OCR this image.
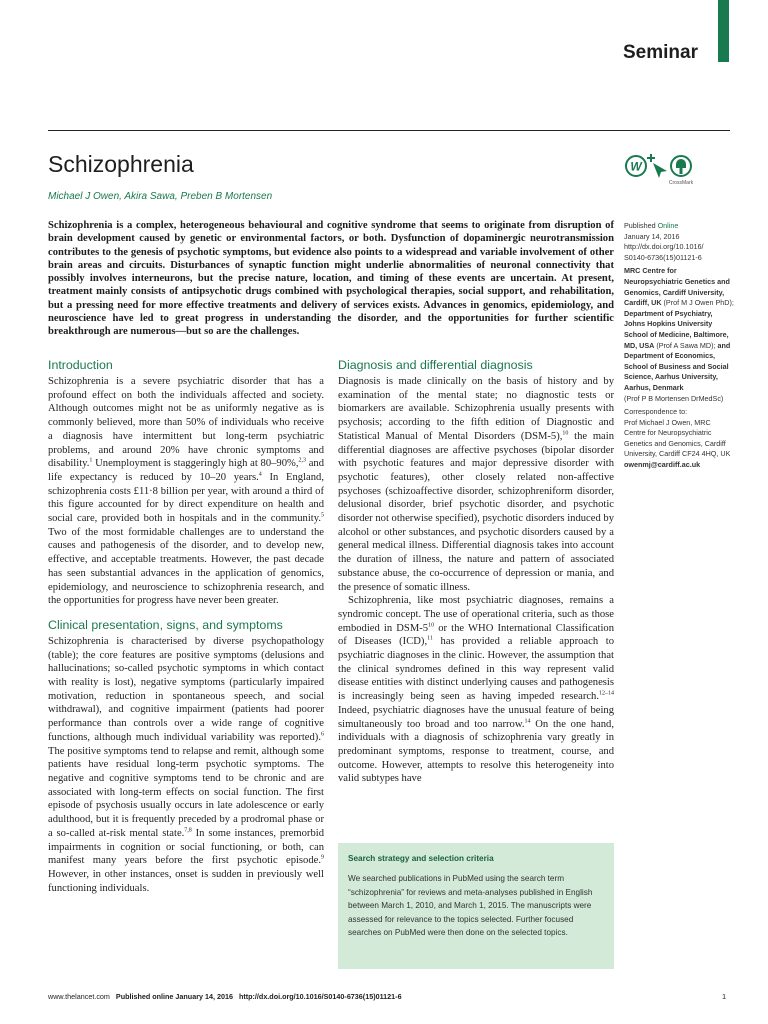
Seminar
Schizophrenia
Michael J Owen, Akira Sawa, Preben B Mortensen
W
CrossMark

Schizophrenia is a complex, heterogeneous behavioural and cognitive syndrome that seems to originate from disruption of brain development caused by genetic or environmental factors, or both. Dysfunction of dopaminergic neurotransmission contributes to the genesis of psychotic symptoms, but evidence also points to a widespread and variable involvement of other brain areas and circuits. Disturbances of synaptic function might underlie abnormalities of neuronal connectivity that possibly involves interneurons, but the precise nature, location, and timing of these events are uncertain. At present, treatment mainly consists of antipsychotic drugs combined with psychological therapies, social support, and rehabilitation, but a pressing need for more effective treatments and delivery of services exists. Advances in genomics, epidemiology, and neuroscience have led to great progress in understanding the disorder, and the opportunities for further scientific breakthrough are numerous—but so are the challenges.

Published Online
January 14, 2016
http://dx.doi.org/10.1016/
S0140-6736(15)01121-6
MRC Centre for Neuropsychiatric Genetics and Genomics, Cardiff University, Cardiff, UK (Prof M J Owen PhD);
Department of Psychiatry, Johns Hopkins University School of Medicine, Baltimore, MD, USA (Prof A Sawa MD); and
Department of Economics, School of Business and Social Science, Aarhus University, Aarhus, Denmark
(Prof P B Mortensen DrMedSc)
Correspondence to:
Prof Michael J Owen, MRC Centre for Neuropsychiatric Genetics and Genomics, Cardiff University, Cardiff CF24 4HQ, UK
owenmj@cardiff.ac.uk
Introduction

Schizophrenia is a severe psychiatric disorder that has a profound effect on both the individuals affected and society. Although outcomes might not be as uniformly negative as is commonly believed, more than 50% of individuals who receive a diagnosis have intermittent but long-term psychiatric problems, and around 20% have chronic symptoms and disability.$^1$ Unemployment is staggeringly high at 80–90%,$^{2,3}$ and life expectancy is reduced by 10–20 years.$^4$ In England, schizophrenia costs £11·8 billion per year, with around a third of this figure accounted for by direct expenditure on health and social care, provided both in hospitals and in the community.$^5$ Two of the most formidable challenges are to understand the causes and pathogenesis of the disorder, and to develop new, effective, and acceptable treatments. However, the past decade has seen substantial advances in the application of genomics, epidemiology, and neuroscience to schizophrenia research, and the opportunities for progress have never been greater.

Clinical presentation, signs, and symptoms

Schizophrenia is characterised by diverse psychopathology (table); the core features are positive symptoms (delusions and hallucinations; so-called psychotic symptoms in which contact with reality is lost), negative symptoms (particularly impaired motivation, reduction in spontaneous speech, and social withdrawal), and cognitive impairment (patients had poorer performance than controls over a wide range of cognitive functions, although much individual variability was reported).$^6$ The positive symptoms tend to relapse and remit, although some patients have residual long-term psychotic symptoms. The negative and cognitive symptoms tend to be chronic and are associated with long-term effects on social function. The first episode of psychosis usually occurs in late adolescence or early adulthood, but it is frequently preceded by a prodromal phase or a so-called at-risk mental state.$^{7,8}$ In some instances, premorbid impairments in cognition or social functioning, or both, can manifest many years before the first psychotic episode.$^9$ However, in other instances, onset is sudden in previously well functioning individuals.

Diagnosis and differential diagnosis

Diagnosis is made clinically on the basis of history and by examination of the mental state; no diagnostic tests or biomarkers are available. Schizophrenia usually presents with psychosis; according to the fifth edition of Diagnostic and Statistical Manual of Mental Disorders (DSM-5),$^{10}$ the main differential diagnoses are affective psychoses (bipolar disorder with psychotic features and major depressive disorder with psychotic features), other closely related non-affective psychoses (schizoaffective disorder, schizophreniform disorder, delusional disorder, brief psychotic disorder, and psychotic disorder not otherwise specified), psychotic disorders induced by alcohol or other substances, and psychotic disorders caused by a general medical illness. Differential diagnosis takes into account the duration of illness, the nature and pattern of associated substance abuse, the co-occurrence of depression or mania, and the presence of somatic illness.

Schizophrenia, like most psychiatric diagnoses, remains a syndromic concept. The use of operational criteria, such as those embodied in DSM-$5^{10}$ or the WHO International Classification of Diseases (ICD),$^{11}$ has provided a reliable approach to psychiatric diagnoses in the clinic. However, the assumption that the clinical syndromes defined in this way represent valid disease entities with distinct underlying causes and pathogenesis is increasingly being seen as having impeded research.$^{12-14}$ Indeed, psychiatric diagnoses have the unusual feature of being simultaneously too broad and too narrow.$^{14}$ On the one hand, individuals with a diagnosis of schizophrenia vary greatly in predominant symptoms, response to treatment, course, and outcome. However, attempts to resolve this heterogeneity into valid subtypes have

Search strategy and selection criteria
We searched publications in PubMed using the search term “schizophrenia” for reviews and meta-analyses published in English between March 1, 2010, and March 1, 2015. The manuscripts were assessed for relevance to the topics selected. Further focused searches on PubMed were then done on the selected topics.
www.thelancet.com Published online January 14, 2016 http://dx.doi.org/10.1016/S0140-6736(15)01121-6	1
